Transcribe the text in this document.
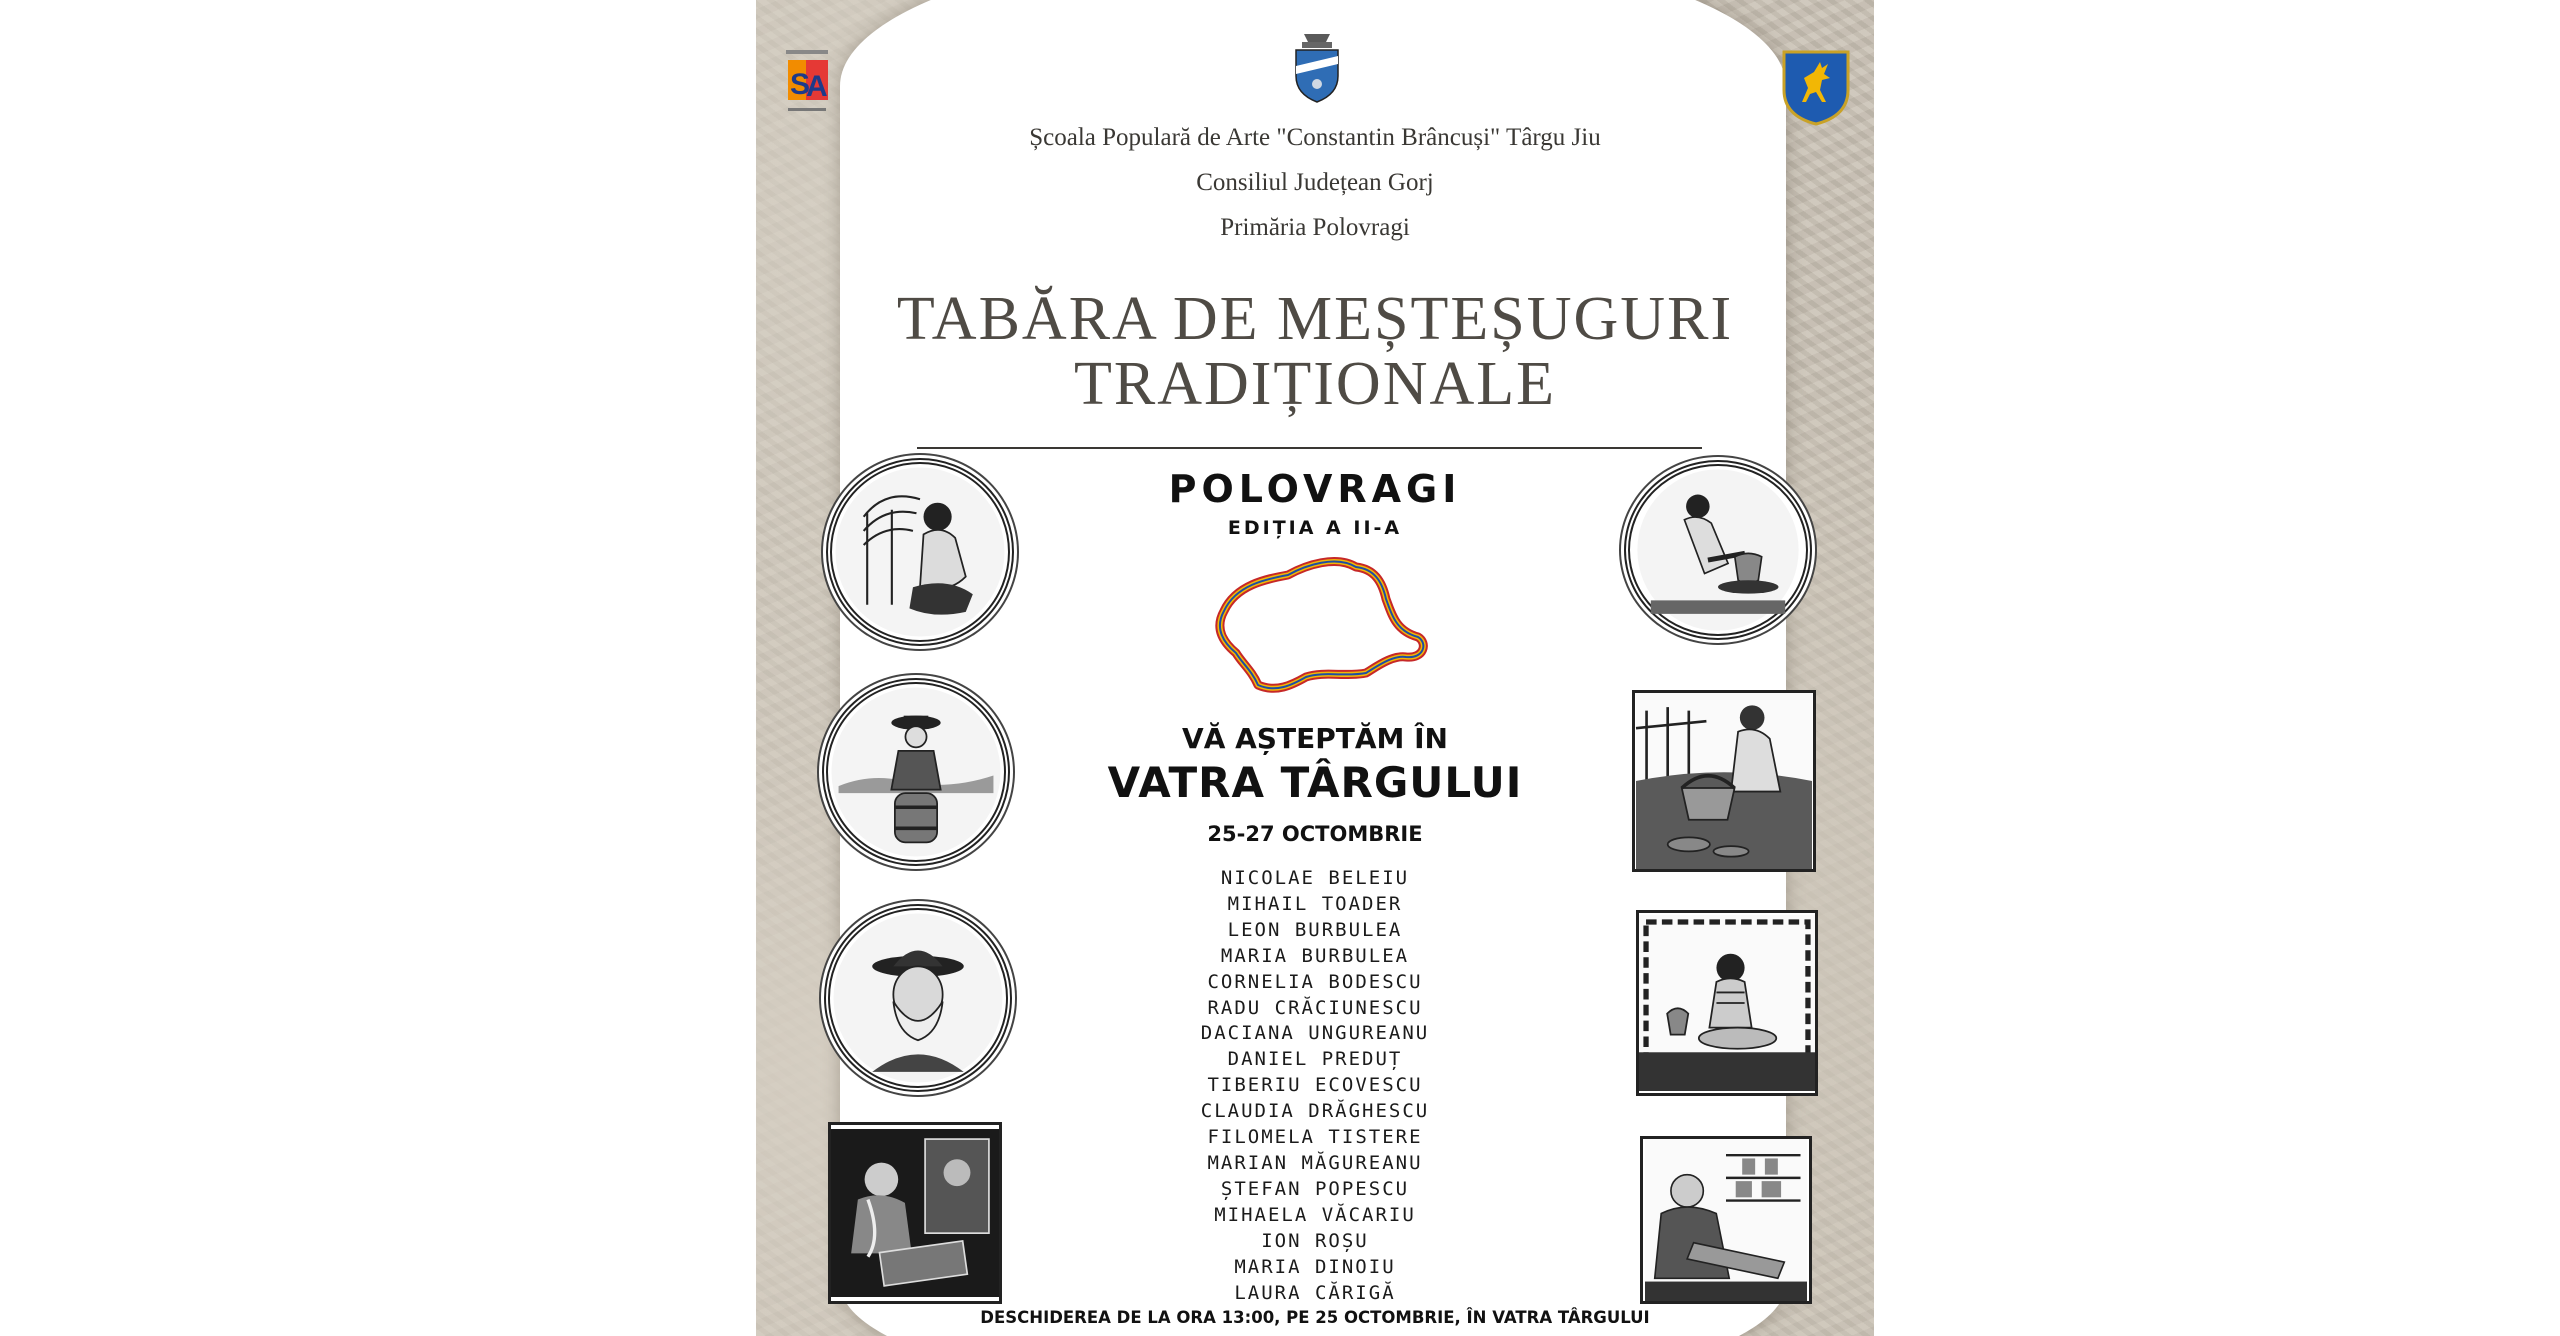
S
A
Școala Populară de Arte "Constantin Brâncuși" Târgu Jiu
Consiliul Județean Gorj
Primăria Polovragi
TABĂRA DE MEȘTEȘUGURI
TRADIȚIONALE
POLOVRAGI
EDIȚIA A II-A
VĂ AȘTEPTĂM ÎN
VATRA TÂRGULUI
25-27 OCTOMBRIE
NICOLAE BELEIU
MIHAIL TOADER
LEON BURBULEA
MARIA BURBULEA
CORNELIA BODESCU
RADU CRĂCIUNESCU
DACIANA UNGUREANU
DANIEL PREDUȚ
TIBERIU ECOVESCU
CLAUDIA DRĂGHESCU
FILOMELA TISTERE
MARIAN MĂGUREANU
ȘTEFAN POPESCU
MIHAELA VĂCARIU
ION ROȘU
MARIA DINOIU
LAURA CĂRIGĂ
DESCHIDEREA DE LA ORA 13:00, PE 25 OCTOMBRIE, ÎN VATRA TÂRGULUI
